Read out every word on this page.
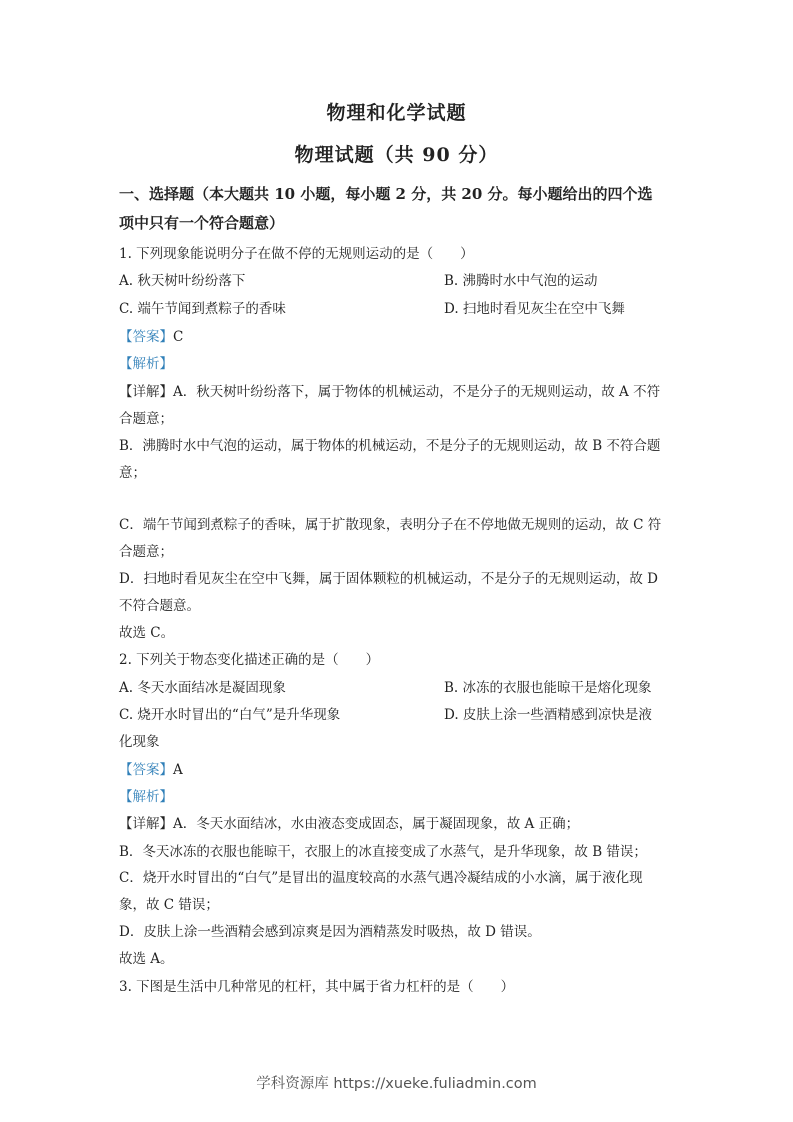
物理和化学试题
物理试题（共 90 分）
一、选择题（本大题共 10 小题，每小题 2 分，共 20 分。每小题给出的四个选
项中只有一个符合题意）
1. 下列现象能说明分子在做不停的无规则运动的是（　　）
A. 秋天树叶纷纷落下	B. 沸腾时水中气泡的运动
C. 端午节闻到煮粽子的香味	D. 扫地时看见灰尘在空中飞舞
【答案】C
【解析】
【详解】A．秋天树叶纷纷落下，属于物体的机械运动，不是分子的无规则运动，故 A 不符
合题意；
B．沸腾时水中气泡的运动，属于物体的机械运动，不是分子的无规则运动，故 B 不符合题
意；
C．端午节闻到煮粽子的香味，属于扩散现象，表明分子在不停地做无规则的运动，故 C 符
合题意；
D．扫地时看见灰尘在空中飞舞，属于固体颗粒的机械运动，不是分子的无规则运动，故 D
不符合题意。
故选 C。
2. 下列关于物态变化描述正确的是（　　）
A. 冬天水面结冰是凝固现象	B. 冰冻的衣服也能晾干是熔化现象
C. 烧开水时冒出的“白气”是升华现象	D. 皮肤上涂一些酒精感到凉快是液
化现象
【答案】A
【解析】
【详解】A．冬天水面结冰，水由液态变成固态，属于凝固现象，故 A 正确；
B．冬天冰冻的衣服也能晾干，衣服上的冰直接变成了水蒸气，是升华现象，故 B 错误；
C．烧开水时冒出的“白气”是冒出的温度较高的水蒸气遇冷凝结成的小水滴，属于液化现
象，故 C 错误；
D．皮肤上涂一些酒精会感到凉爽是因为酒精蒸发时吸热，故 D 错误。
故选 A。
3. 下图是生活中几种常见的杠杆，其中属于省力杠杆的是（　　）
学科资源库 https://xueke.fuliadmin.com
